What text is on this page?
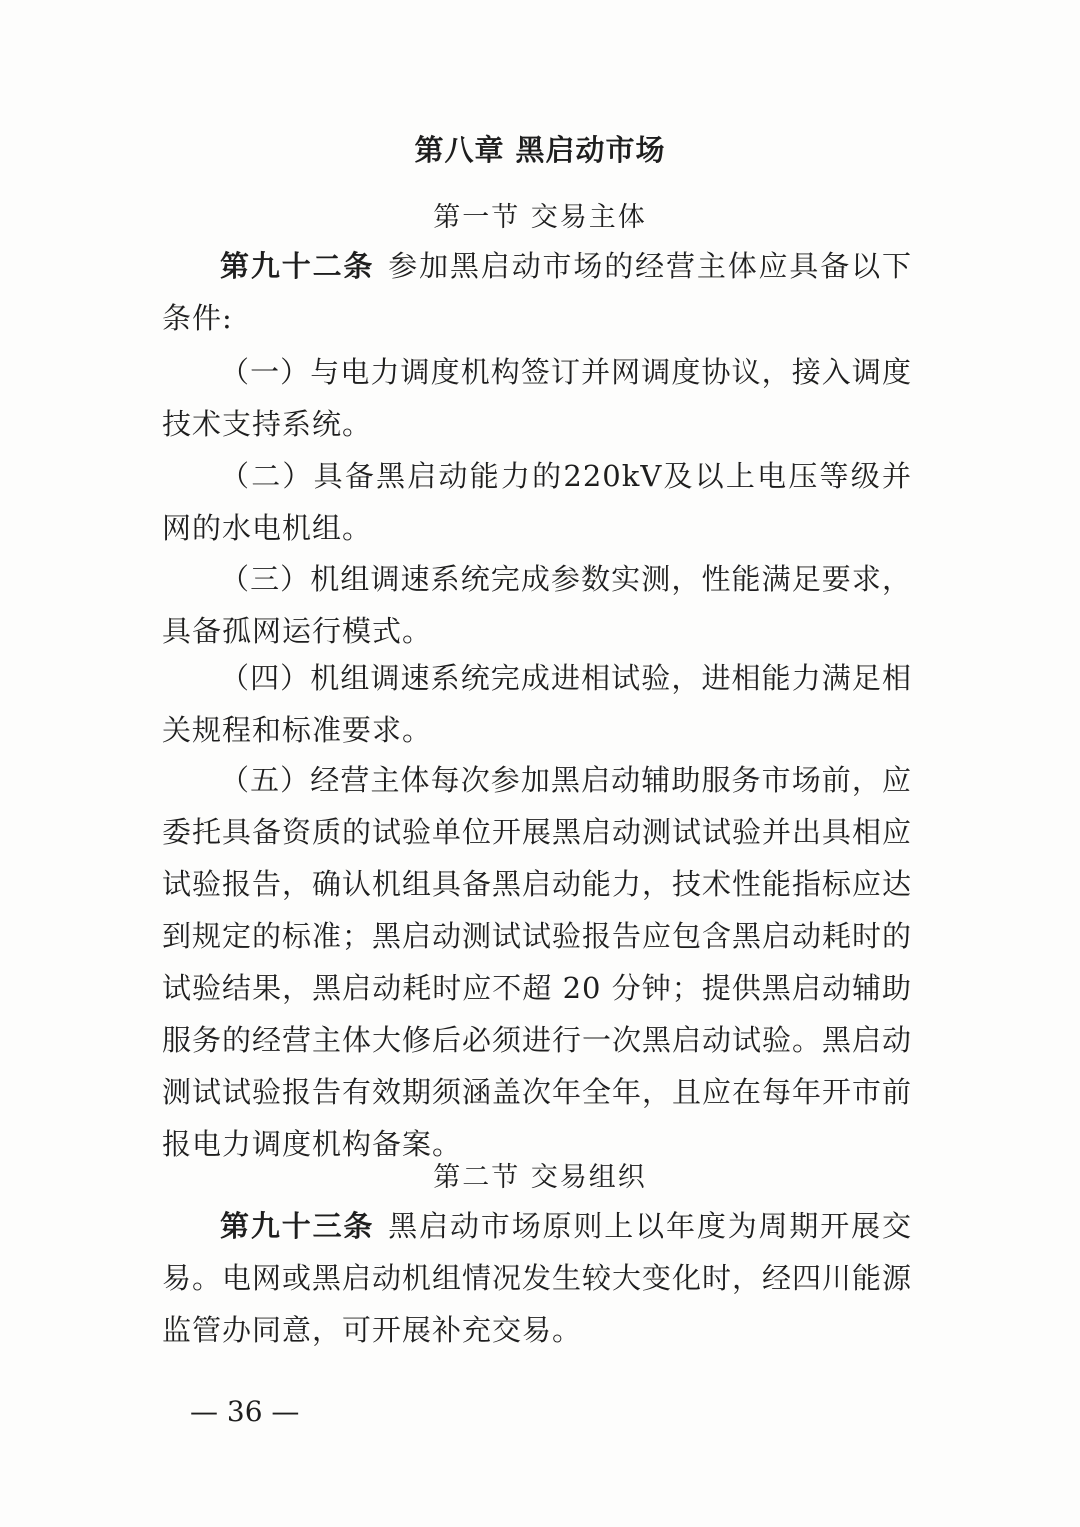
第八章 黑启动市场
第一节 交易主体

第九十二条 参加黑启动市场的经营主体应具备以下条件:

（一）与电力调度机构签订并网调度协议，接入调度技术支持系统。

（二）具备黑启动能力的220kV及以上电压等级并网的水电机组。

（三）机组调速系统完成参数实测，性能满足要求，具备孤网运行模式。

（四）机组调速系统完成进相试验，进相能力满足相关规程和标准要求。

（五）经营主体每次参加黑启动辅助服务市场前，应委托具备资质的试验单位开展黑启动测试试验并出具相应试验报告，确认机组具备黑启动能力，技术性能指标应达到规定的标准；黑启动测试试验报告应包含黑启动耗时的试验结果，黑启动耗时应不超 20 分钟；提供黑启动辅助服务的经营主体大修后必须进行一次黑启动试验。黑启动测试试验报告有效期须涵盖次年全年，且应在每年开市前报电力调度机构备案。

第二节 交易组织

第九十三条 黑启动市场原则上以年度为周期开展交易。电网或黑启动机组情况发生较大变化时，经四川能源监管办同意，可开展补充交易。

— 36 —
